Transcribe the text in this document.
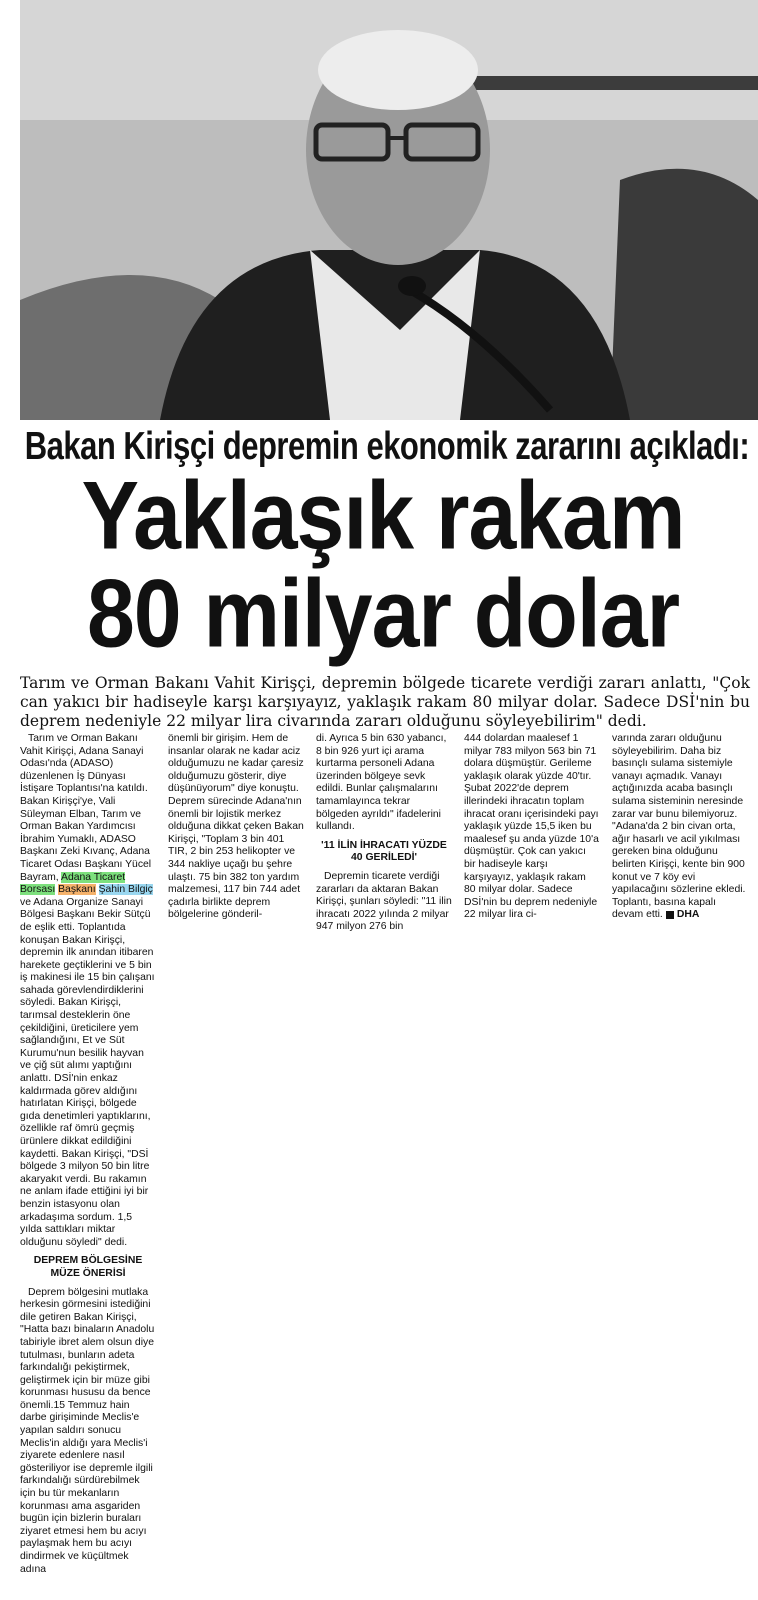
Bakan Kirişçi depremin ekonomik zararını açıkladı:
Yaklaşık rakam
80 milyar dolar
Tarım ve Orman Bakanı Vahit Kirişçi, depremin bölgede ticarete verdiği zararı anlattı, "Çok can yakıcı bir hadiseyle karşı karşıyayız, yaklaşık rakam 80 milyar dolar. Sadece DSİ'nin bu deprem nedeniyle 22 milyar lira civarında zararı olduğunu söyleyebilirim" dedi.

Tarım ve Orman Bakanı Vahit Kirişçi, Adana Sanayi Odası'nda (ADASO) düzenlenen İş Dünyası İstişare Toplantısı'na katıldı. Bakan Kirişçi'ye, Vali Süleyman Elban, Tarım ve Orman Bakan Yardımcısı İbrahim Yumaklı, ADASO Başkanı Zeki Kıvanç, Adana Ticaret Odası Başkanı Yücel Bayram, Adana Ticaret Borsası Başkanı Şahin Bilgiç ve Adana Organize Sanayi Bölgesi Başkanı Bekir Sütçü de eşlik etti. Toplantıda konuşan Bakan Kirişçi, depremin ilk anından itibaren harekete geçtiklerini ve 5 bin iş makinesi ile 15 bin çalışanı sahada görevlendirdiklerini söyledi. Bakan Kirişçi, tarımsal desteklerin öne çekildiğini, üreticilere yem sağlandığını, Et ve Süt Kurumu'nun besilik hayvan ve çiğ süt alımı yaptığını anlattı. DSİ'nin enkaz kaldırmada görev aldığını hatırlatan Kirişçi, bölgede gıda denetimleri yaptıklarını, özellikle raf ömrü geçmiş ürünlere dikkat edildiğini kaydetti. Bakan Kirişçi, "DSİ bölgede 3 milyon 50 bin litre akaryakıt verdi. Bu rakamın ne anlam ifade ettiğini iyi bir benzin istasyonu olan arkadaşıma sordum. 1,5 yılda sattıkları miktar olduğunu söyledi" dedi.

DEPREM BÖLGESİNE MÜZE ÖNERİSİ

Deprem bölgesini mutlaka herkesin görmesini istediğini dile getiren Bakan Kirişçi, "Hatta bazı binaların Anadolu tabiriyle ibret alem olsun diye tutulması, bunların adeta farkındalığı pekiştirmek, geliştirmek için bir müze gibi korunması hususu da bence önemli.15 Temmuz hain darbe girişiminde Meclis'e yapılan saldırı sonucu Meclis'in aldığı yara Meclis'i ziyarete edenlere nasıl gösteriliyor ise depremle ilgili farkındalığı sürdürebilmek için bu tür mekanların korunması ama asgariden bugün için bizlerin buraları ziyaret etmesi hem bu acıyı paylaşmak hem bu acıyı dindirmek ve küçültmek adına

önemli bir girişim. Hem de insanlar olarak ne kadar aciz olduğumuzu ne kadar çaresiz olduğumuzu gösterir, diye düşünüyorum" diye konuştu. Deprem sürecinde Adana'nın önemli bir lojistik merkez olduğuna dikkat çeken Bakan Kirişçi, "Toplam 3 bin 401 TIR, 2 bin 253 helikopter ve 344 nakliye uçağı bu şehre ulaştı. 75 bin 382 ton yardım malzemesi, 117 bin 744 adet çadırla birlikte deprem bölgelerine gönderil-

di. Ayrıca 5 bin 630 yabancı, 8 bin 926 yurt içi arama kurtarma personeli Adana üzerinden bölgeye sevk edildi. Bunlar çalışmalarını tamamlayınca tekrar bölgeden ayrıldı" ifadelerini kullandı.

'11 İLİN İHRACATI YÜZDE 40 GERİLEDİ'

Depremin ticarete verdiği zararları da aktaran Bakan Kirişçi, şunları söyledi: "11 ilin ihracatı 2022 yılında 2 milyar 947 milyon 276 bin

444 dolardan maalesef 1 milyar 783 milyon 563 bin 71 dolara düşmüştür. Gerileme yaklaşık olarak yüzde 40'tır. Şubat 2022'de deprem illerindeki ihracatın toplam ihracat oranı içerisindeki payı yaklaşık yüzde 15,5 iken bu maalesef şu anda yüzde 10'a düşmüştür. Çok can yakıcı bir hadiseyle karşı karşıyayız, yaklaşık rakam 80 milyar dolar. Sadece DSİ'nin bu deprem nedeniyle 22 milyar lira ci-

varında zararı olduğunu söyleyebilirim. Daha biz basınçlı sulama sistemiyle vanayı açmadık. Vanayı açtığınızda acaba basınçlı sulama sisteminin neresinde zarar var bunu bilemiyoruz. "Adana'da 2 bin civan orta, ağır hasarlı ve acil yıkılması gereken bina olduğunu belirten Kirişçi, kente bin 900 konut ve 7 köy evi yapılacağını sözlerine ekledi. Toplantı, basına kapalı devam etti. DHA
